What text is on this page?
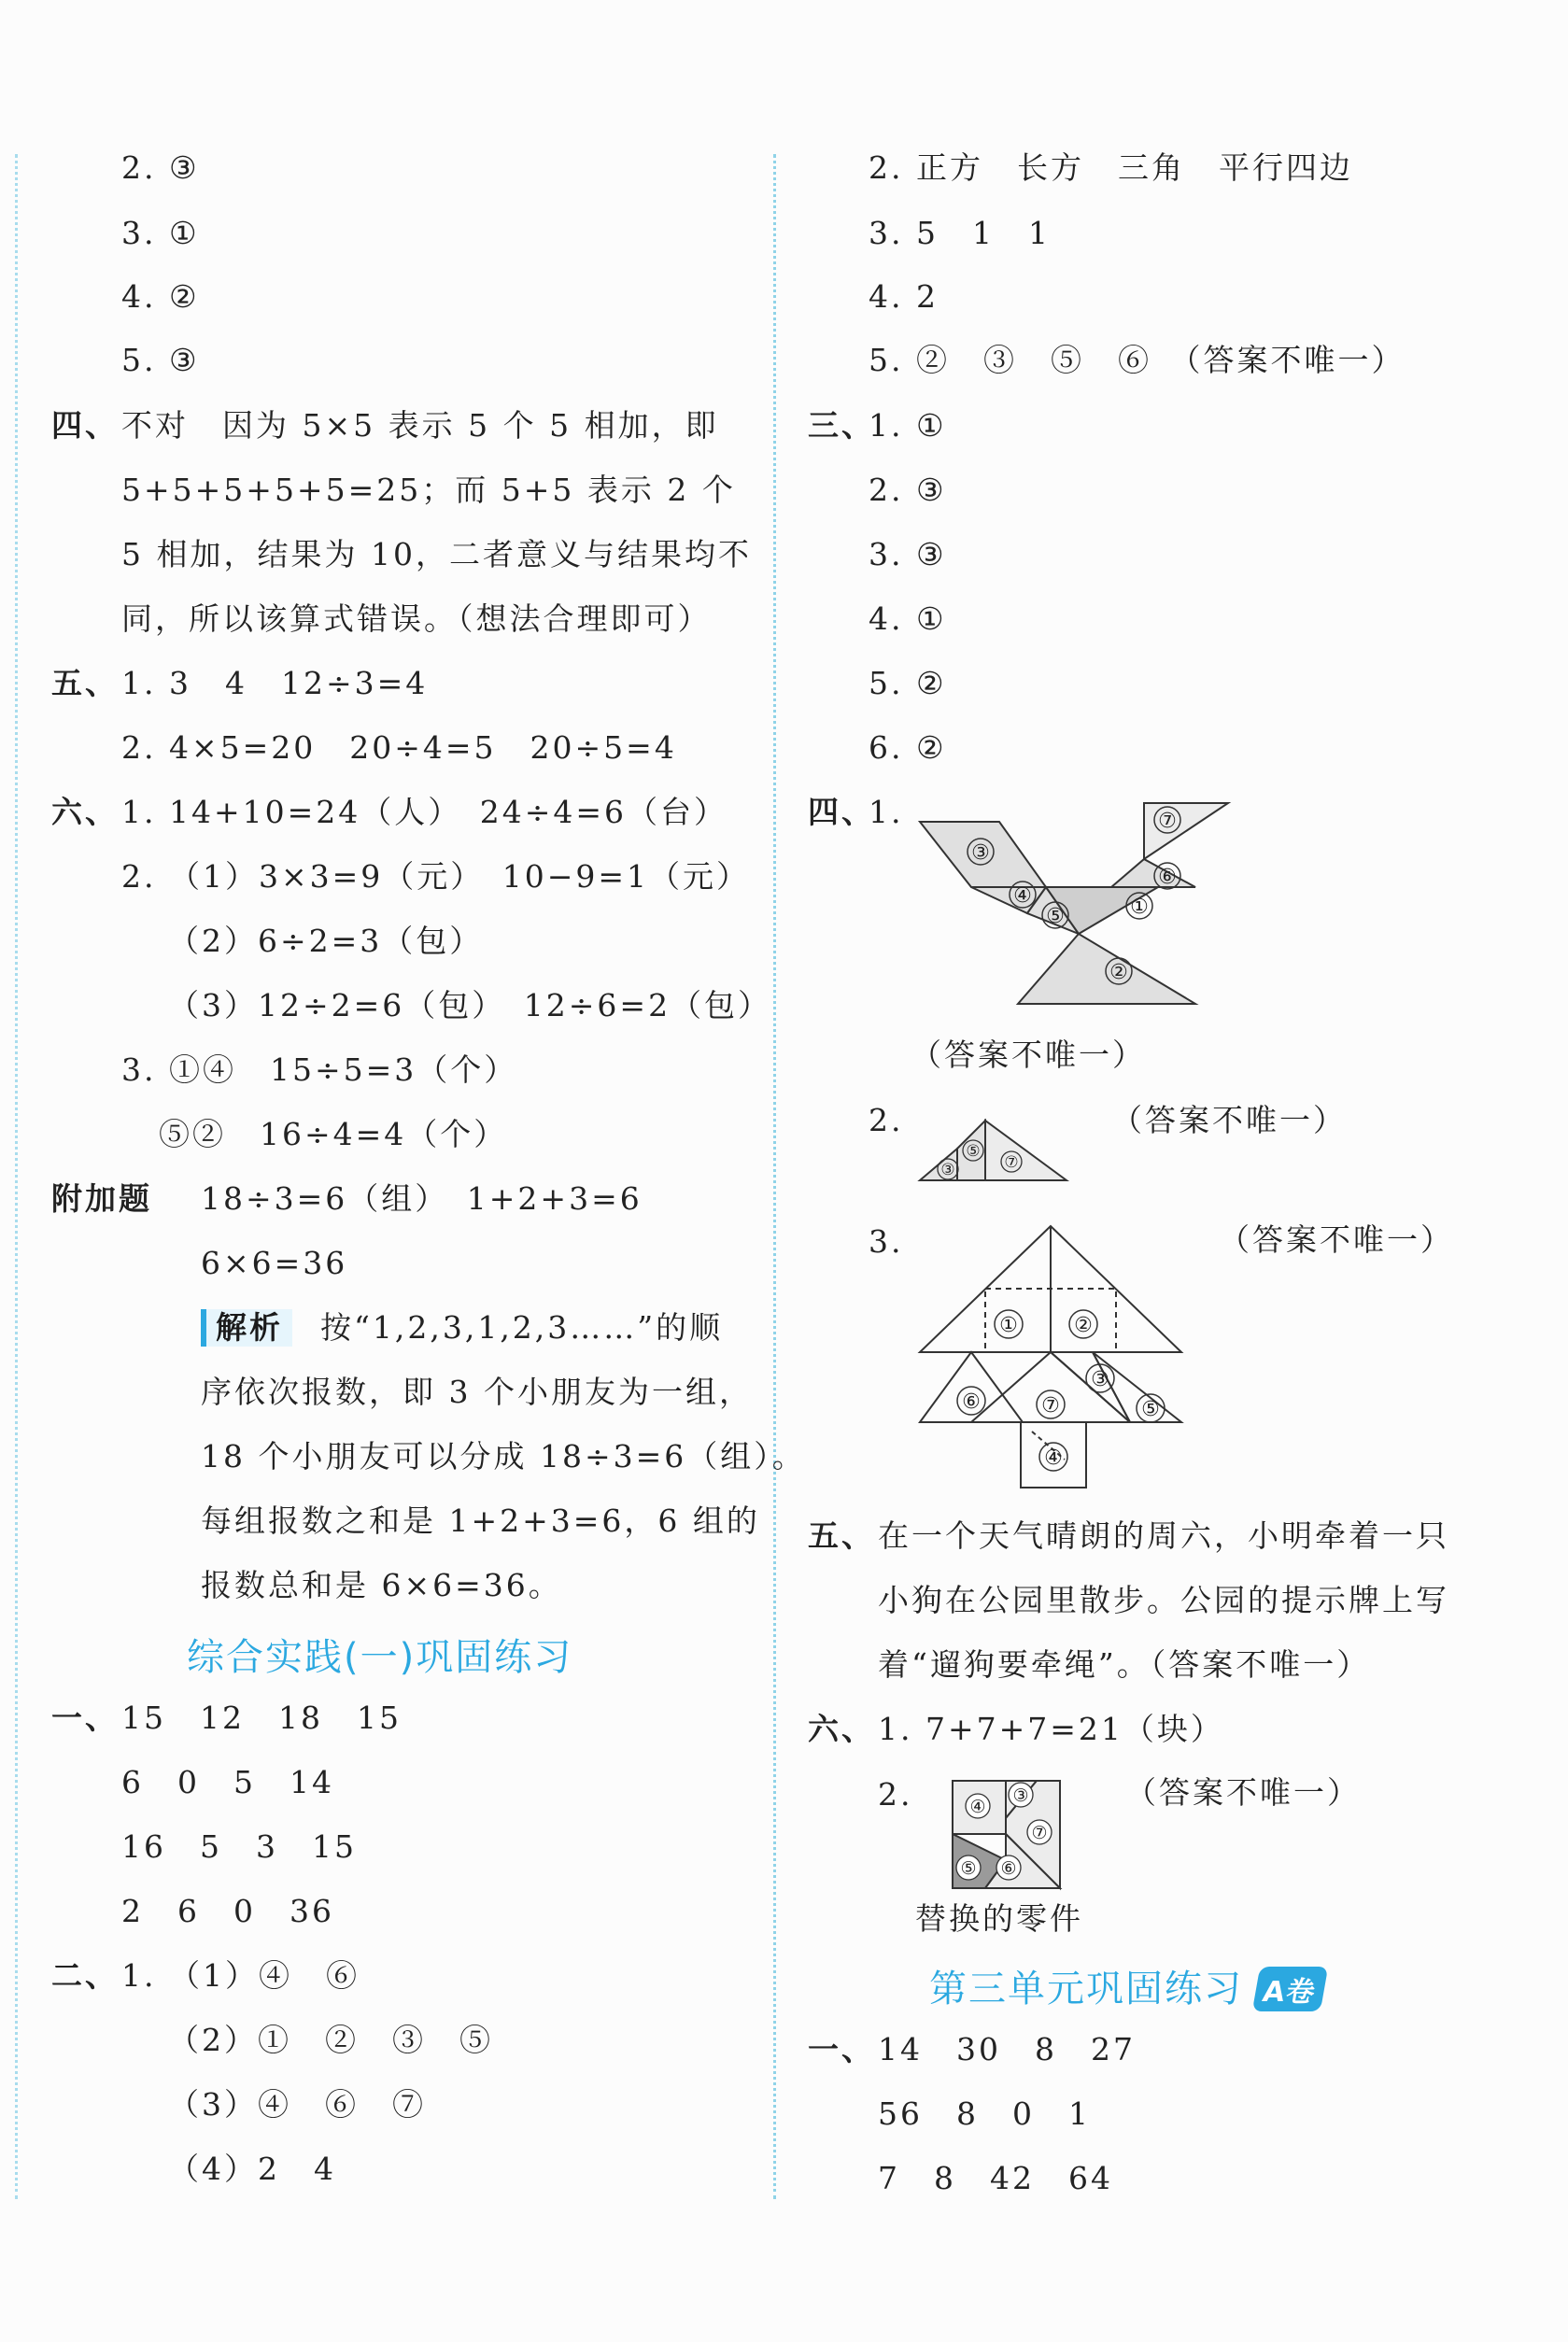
2. ③
3. ①
4. ②
5. ③
四、 不对　因为 5×5 表示 5 个 5 相加，即
5+5+5+5+5=25；而 5+5 表示 2 个
5 相加，结果为 10，二者意义与结果均不
同，所以该算式错误。（想法合理即可）
五、 1. 3　4　12÷3=4
2. 4×5=20　20÷4=5　20÷5=4
六、 1. 14+10=24（人）　24÷4=6（台）
2. （1）3×3=9（元）　10−9=1（元）
（2）6÷2=3（包）
（3）12÷2=6（包）　12÷6=2（包）
3. ①④　15÷5=3（个）
⑤②　16÷4=4（个）
附加题 18÷3=6（组）　1+2+3=6
6×6=36
解析 按“1,2,3,1,2,3……”的顺
序依次报数，即 3 个小朋友为一组，
18 个小朋友可以分成 18÷3=6（组）。
每组报数之和是 1+2+3=6，6 组的
报数总和是 6×6=36。
综合实践(一)巩固练习
一、 15　12　18　15
6　0　5　14
16　5　3　15
2　6　0　36
二、 1. （1）④　⑥
（2）①　②　③　⑤
（3）④　⑥　⑦
（4）2　4
2. 正方　长方　三角　平行四边
3. 5　1　1
4. 2
5. ②　③　⑤　⑥　（答案不唯一）
三、
1. ①
2. ③
3. ③
4. ①
5. ②
6. ②
四、
1.
③
④
⑤	①
②
⑥
⑦
（答案不唯一）
2.
③
⑤
⑦
（答案不唯一）
3.	（答案不唯一）
①	②
③
⑥	⑦	⑤
④
五、 在一个天气晴朗的周六，小明牵着一只
小狗在公园里散步。公园的提示牌上写
着“遛狗要牵绳”。（答案不唯一）
六、 1. 7+7+7=21（块）
2.	④
③
⑦
⑤ ⑥
（答案不唯一）
替换的零件
第三单元巩固练习 A卷
一、 14　30　8　27
56　8　0　1
7　8　42　64
